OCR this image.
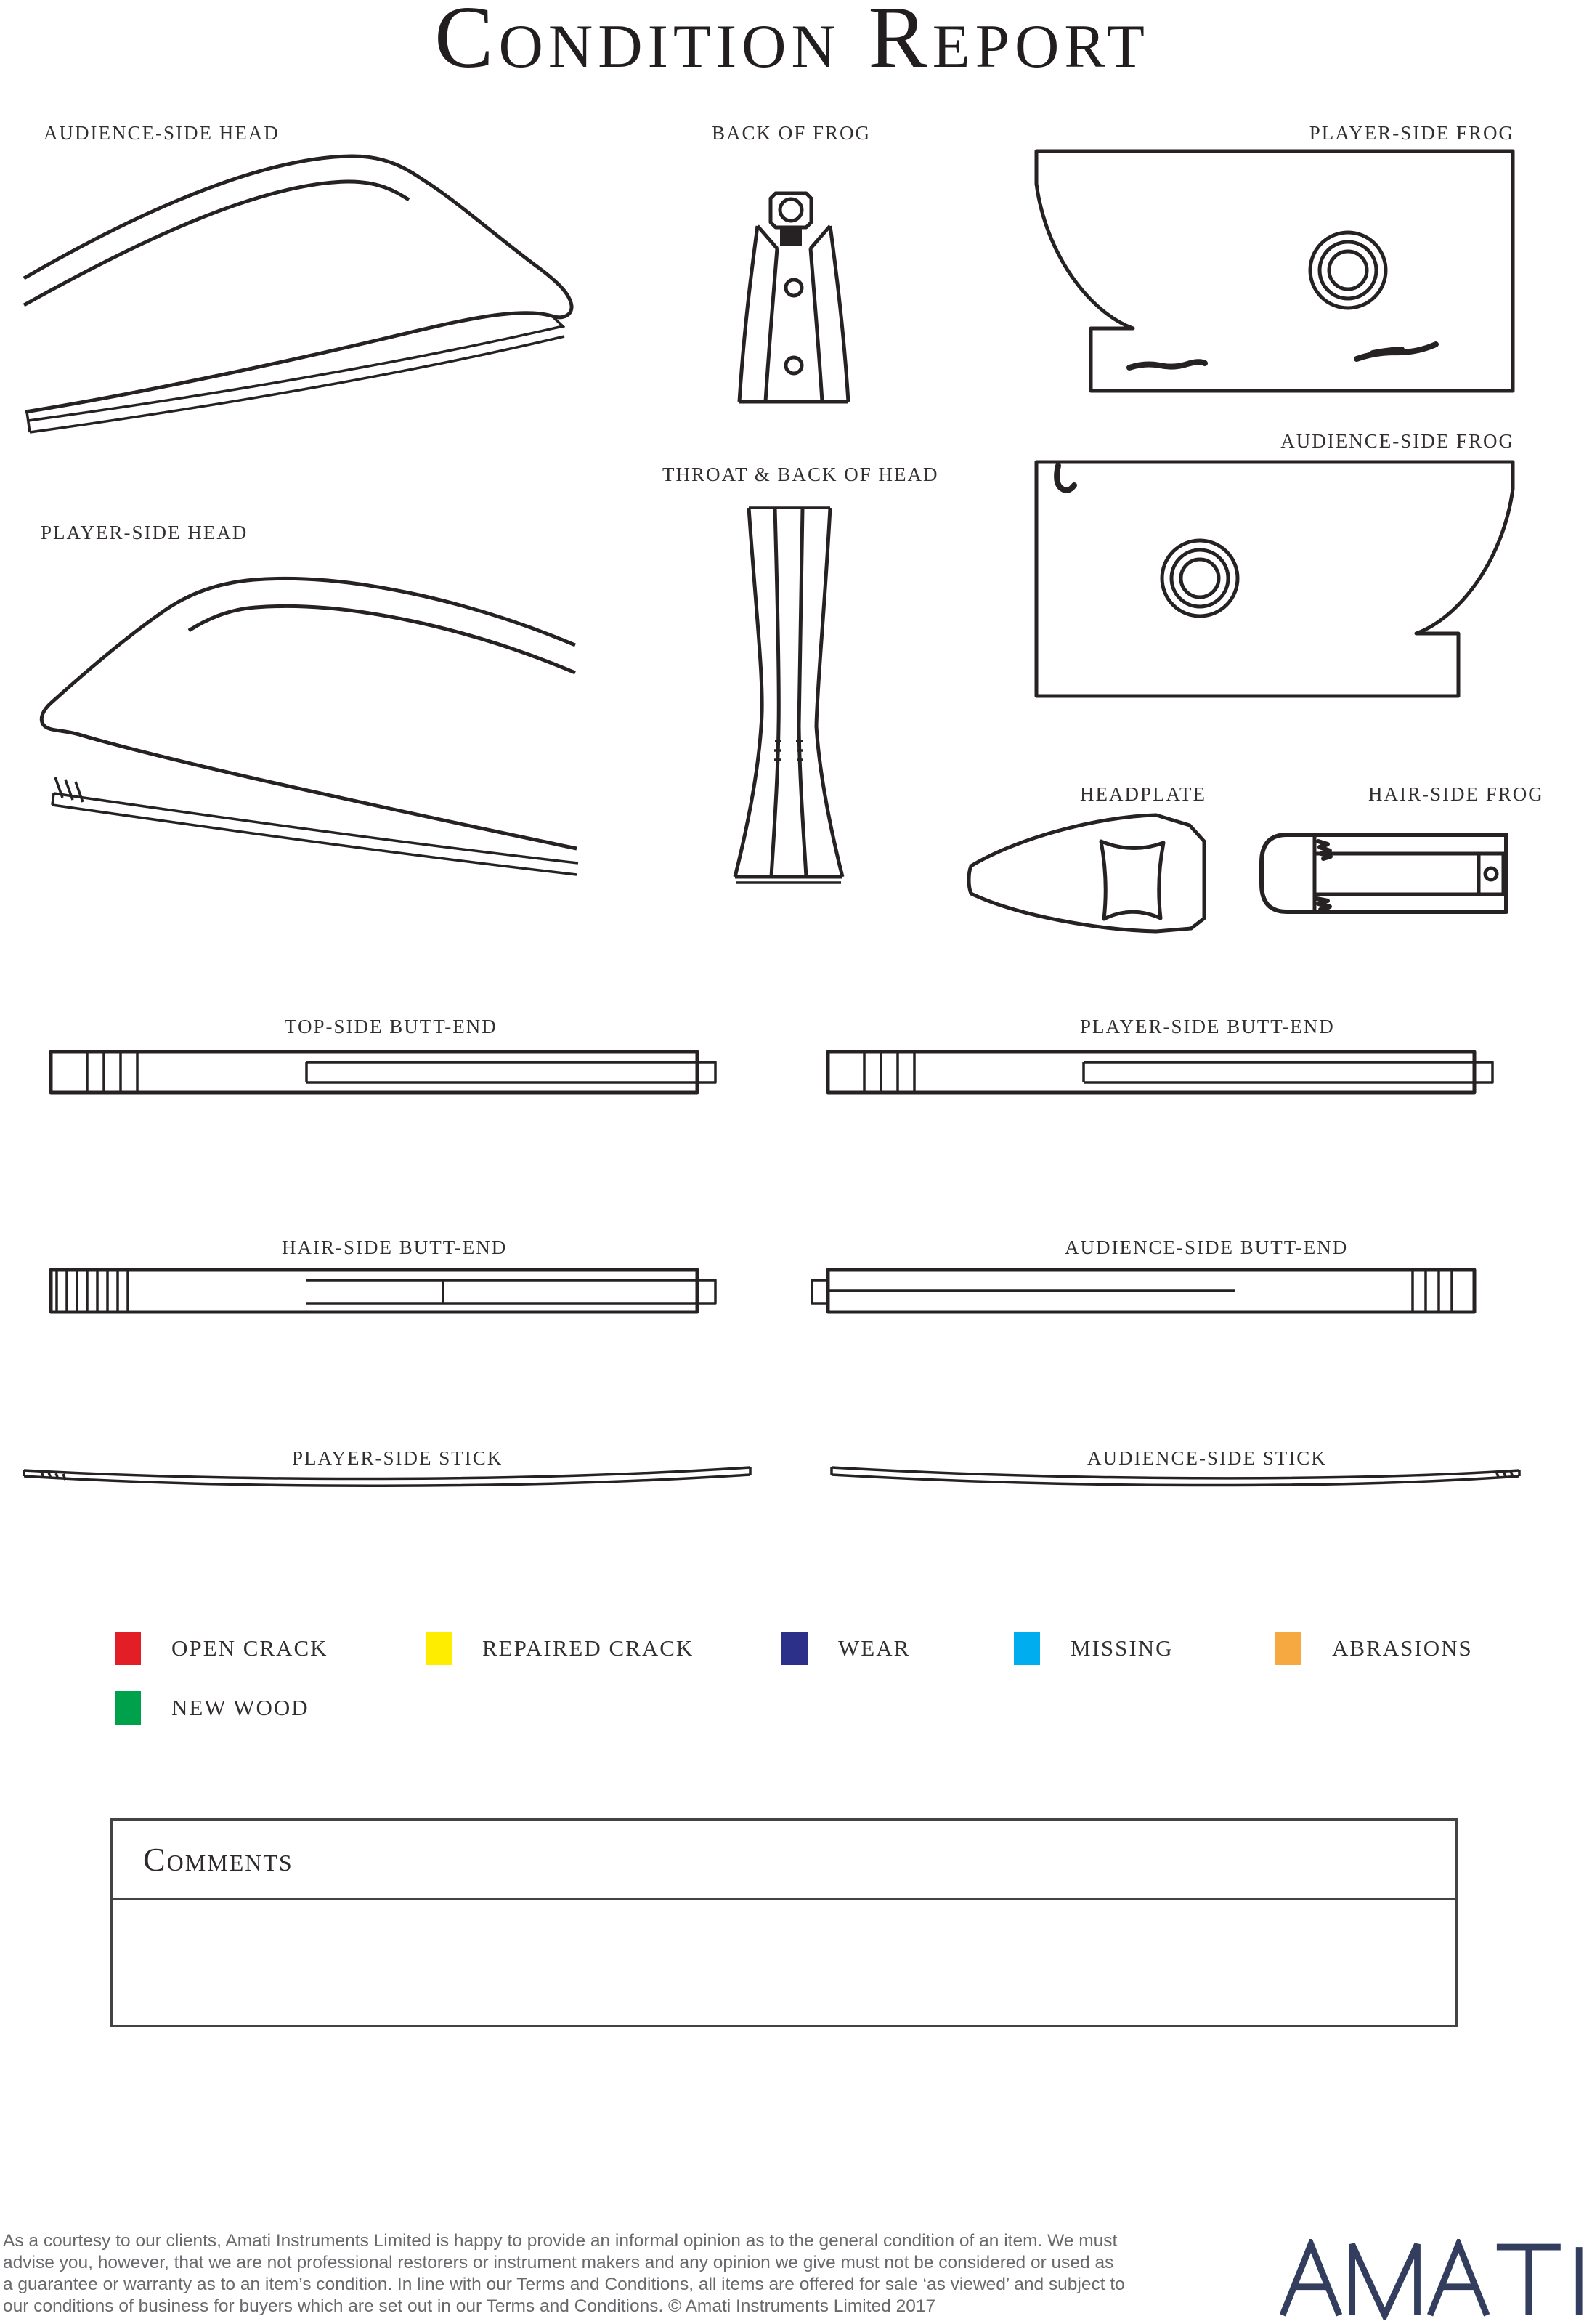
Condition Report
AUDIENCE-SIDE HEAD	BACK OF FROG	PLAYER-SIDE FROG
AUDIENCE-SIDE FROG
PLAYER-SIDE HEAD
THROAT & BACK OF HEAD
HEADPLATE	HAIR-SIDE FROG
TOP-SIDE BUTT-END	PLAYER-SIDE BUTT-END
HAIR-SIDE BUTT-END	AUDIENCE-SIDE BUTT-END
PLAYER-SIDE STICK	AUDIENCE-SIDE STICK
OPEN CRACK	REPAIRED CRACK	WEAR	MISSING	ABRASIONS
NEW WOOD
Comments
As a courtesy to our clients, Amati Instruments Limited is happy to provide an informal opinion as to the general condition of an item. We must
advise you, however, that we are not professional restorers or instrument makers and any opinion we give must not be considered or used as
a guarantee or warranty as to an item’s condition. In line with our Terms and Conditions, all items are offered for sale ‘as viewed’ and subject to
our conditions of business for buyers which are set out in our Terms and Conditions. © Amati Instruments Limited 2017
